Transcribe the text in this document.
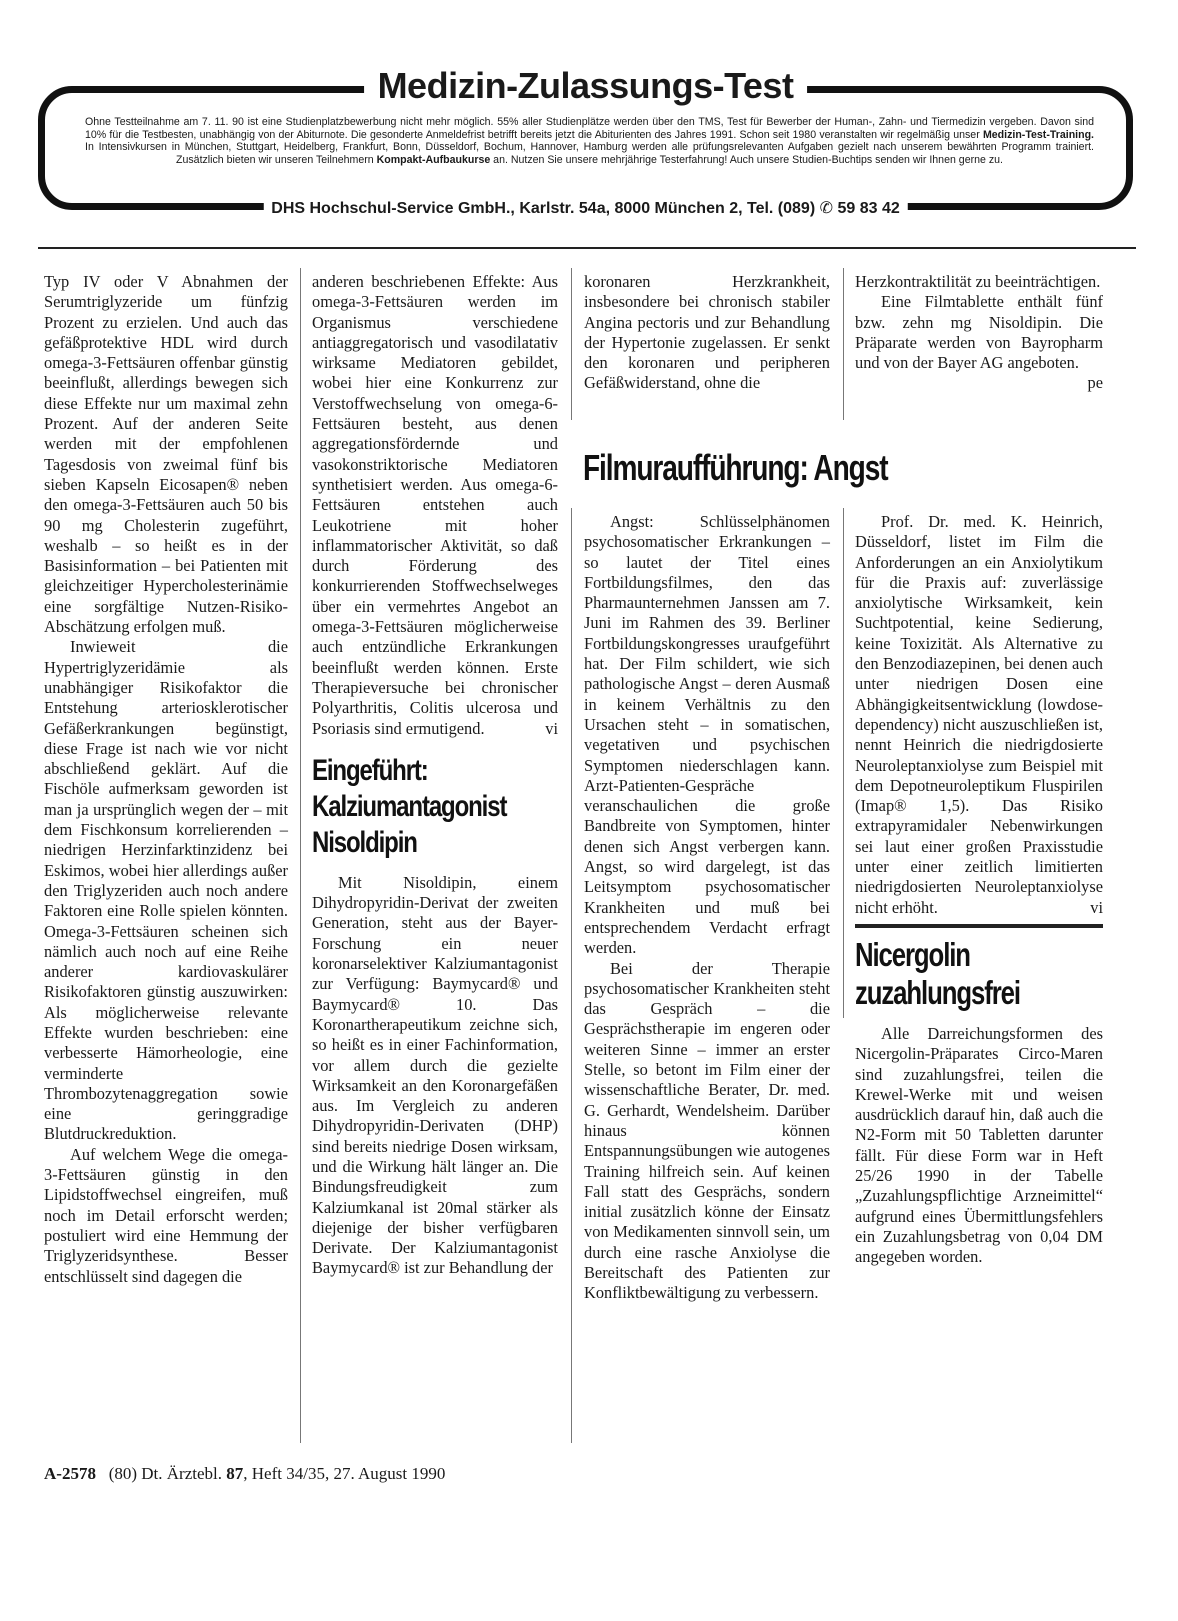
Medizin-Zulassungs-Test
Ohne Testteilnahme am 7. 11. 90 ist eine Studienplatzbewerbung nicht mehr möglich. 55% aller Studienplätze werden über den TMS, Test für Bewerber der Human-, Zahn- und Tiermedizin vergeben. Davon sind 10% für die Testbesten, unabhängig von der Abiturnote. Die gesonderte Anmeldefrist betrifft bereits jetzt die Abiturienten des Jahres 1991. Schon seit 1980 veranstalten wir regelmäßig unser Medizin-Test-Training. In Intensivkursen in München, Stuttgart, Heidelberg, Frankfurt, Bonn, Düsseldorf, Bochum, Hannover, Hamburg werden alle prüfungsrelevanten Aufgaben gezielt nach unserem bewährten Programm trainiert. Zusätzlich bieten wir unseren Teilnehmern Kompakt-Aufbaukurse an. Nutzen Sie unsere mehrjährige Testerfahrung! Auch unsere Studien-Buchtips senden wir Ihnen gerne zu.
DHS Hochschul-Service GmbH., Karlstr. 54a, 8000 München 2, Tel. (089) ✆ 59 83 42

Typ IV oder V Abnahmen der Serumtriglyzeride um fünfzig Prozent zu erzielen. Und auch das gefäßprotektive HDL wird durch omega-3-Fettsäuren offenbar günstig beeinflußt, allerdings bewegen sich diese Effekte nur um maximal zehn Prozent. Auf der anderen Seite werden mit der empfohlenen Tagesdosis von zweimal fünf bis sieben Kapseln Eicosapen® neben den omega-3-Fettsäuren auch 50 bis 90 mg Cholesterin zugeführt, weshalb – so heißt es in der Basisinformation – bei Patienten mit gleichzeitiger Hypercholesterinämie eine sorgfältige Nutzen-Risiko-Abschätzung erfolgen muß.

Inwieweit die Hypertriglyzeridämie als unabhängiger Risikofaktor die Entstehung arteriosklerotischer Gefäßerkrankungen begünstigt, diese Frage ist nach wie vor nicht abschließend geklärt. Auf die Fischöle aufmerksam geworden ist man ja ursprünglich wegen der – mit dem Fischkonsum korrelierenden – niedrigen Herzinfarktinzidenz bei Eskimos, wobei hier allerdings außer den Triglyzeriden auch noch andere Faktoren eine Rolle spielen könnten. Omega-3-Fettsäuren scheinen sich nämlich auch noch auf eine Reihe anderer kardiovaskulärer Risikofaktoren günstig auszuwirken: Als möglicherweise relevante Effekte wurden beschrieben: eine verbesserte Hämorheologie, eine verminderte Thrombozytenaggregation sowie eine geringgradige Blutdruckreduktion.

Auf welchem Wege die omega-3-Fettsäuren günstig in den Lipidstoffwechsel eingreifen, muß noch im Detail erforscht werden; postuliert wird eine Hemmung der Triglyzeridsynthese. Besser entschlüsselt sind dagegen die

anderen beschriebenen Effekte: Aus omega-3-Fettsäuren werden im Organismus verschiedene antiaggregatorisch und vasodilatativ wirksame Mediatoren gebildet, wobei hier eine Konkurrenz zur Verstoffwechselung von omega-6-Fettsäuren besteht, aus denen aggregationsfördernde und vasokonstriktorische Mediatoren synthetisiert werden. Aus omega-6-Fettsäuren entstehen auch Leukotriene mit hoher inflammatorischer Aktivität, so daß durch Förderung des konkurrierenden Stoffwechselweges über ein vermehrtes Angebot an omega-3-Fettsäuren möglicherweise auch entzündliche Erkrankungen beeinflußt werden können. Erste Therapieversuche bei chronischer Polyarthritis, Colitis ulcerosa und Psoriasis sind ermutigend.	vi

Eingeführt:
Kalziumantagonist
Nisoldipin

Mit Nisoldipin, einem Dihydropyridin-Derivat der zweiten Generation, steht aus der Bayer-Forschung ein neuer koronarselektiver Kalziumantagonist zur Verfügung: Baymycard® und Baymycard® 10. Das Koronartherapeutikum zeichne sich, so heißt es in einer Fachinformation, vor allem durch die gezielte Wirksamkeit an den Koronargefäßen aus. Im Vergleich zu anderen Dihydropyridin-Derivaten (DHP) sind bereits niedrige Dosen wirksam, und die Wirkung hält länger an. Die Bindungsfreudigkeit zum Kalziumkanal ist 20mal stärker als diejenige der bisher verfügbaren Derivate. Der Kalziumantagonist Baymycard® ist zur Behandlung der

koronaren Herzkrankheit, insbesondere bei chronisch stabiler Angina pectoris und zur Behandlung der Hypertonie zugelassen. Er senkt den koronaren und peripheren Gefäßwiderstand, ohne die

Filmuraufführung: Angst

Angst: Schlüsselphänomen psychosomatischer Erkrankungen – so lautet der Titel eines Fortbildungsfilmes, den das Pharmaunternehmen Janssen am 7. Juni im Rahmen des 39. Berliner Fortbildungskongresses uraufgeführt hat. Der Film schildert, wie sich pathologische Angst – deren Ausmaß in keinem Verhältnis zu den Ursachen steht – in somatischen, vegetativen und psychischen Symptomen niederschlagen kann. Arzt-Patienten-Gespräche veranschaulichen die große Bandbreite von Symptomen, hinter denen sich Angst verbergen kann. Angst, so wird dargelegt, ist das Leitsymptom psychosomatischer Krankheiten und muß bei entsprechendem Verdacht erfragt werden.

Bei der Therapie psychosomatischer Krankheiten steht das Gespräch – die Gesprächstherapie im engeren oder weiteren Sinne – immer an erster Stelle, so betont im Film einer der wissenschaftliche Berater, Dr. med. G. Gerhardt, Wendelsheim. Darüber hinaus können Entspannungsübungen wie autogenes Training hilfreich sein. Auf keinen Fall statt des Gesprächs, sondern initial zusätzlich könne der Einsatz von Medikamenten sinnvoll sein, um durch eine rasche Anxiolyse die Bereitschaft des Patienten zur Konfliktbewältigung zu verbessern.

Herzkontraktilität zu beeinträchtigen.

Eine Filmtablette enthält fünf bzw. zehn mg Nisoldipin. Die Präparate werden von Bayropharm und von der Bayer AG angeboten.
pe

Prof. Dr. med. K. Heinrich, Düsseldorf, listet im Film die Anforderungen an ein Anxiolytikum für die Praxis auf: zuverlässige anxiolytische Wirksamkeit, kein Suchtpotential, keine Sedierung, keine Toxizität. Als Alternative zu den Benzodiazepinen, bei denen auch unter niedrigen Dosen eine Abhängigkeitsentwicklung (lowdose-dependency) nicht auszuschließen ist, nennt Heinrich die niedrigdosierte Neuroleptanxiolyse zum Beispiel mit dem Depotneuroleptikum Fluspirilen (Imap® 1,5). Das Risiko extrapyramidaler Nebenwirkungen sei laut einer großen Praxisstudie unter einer zeitlich limitierten niedrigdosierten Neuroleptanxiolyse nicht erhöht.	vi

Nicergolin
zuzahlungsfrei

Alle Darreichungsformen des Nicergolin-Präparates Circo-Maren sind zuzahlungsfrei, teilen die Krewel-Werke mit und weisen ausdrücklich darauf hin, daß auch die N2-Form mit 50 Tabletten darunter fällt. Für diese Form war in Heft 25/26 1990 in der Tabelle „Zuzahlungspflichtige Arzneimittel“ aufgrund eines Übermittlungsfehlers ein Zuzahlungsbetrag von 0,04 DM angegeben worden.

A-2578 (80) Dt. Ärztebl. 87, Heft 34/35, 27. August 1990
